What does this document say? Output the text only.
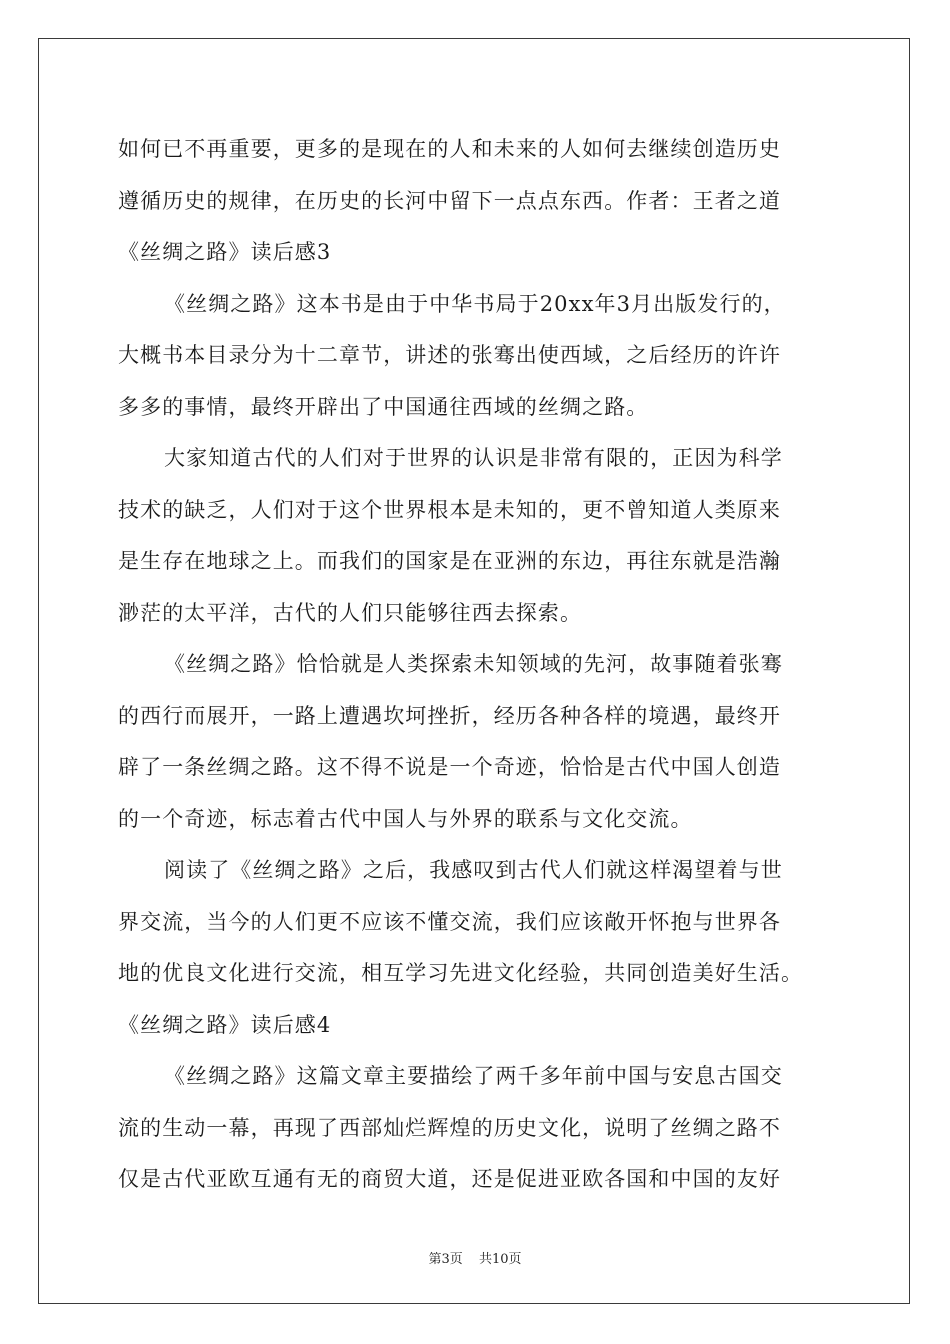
如何已不再重要，更多的是现在的人和未来的人如何去继续创造历史
遵循历史的规律，在历史的长河中留下一点点东西。作者：王者之道
《丝绸之路》读后感3
《丝绸之路》这本书是由于中华书局于20xx年3月出版发行的，
大概书本目录分为十二章节，讲述的张骞出使西域，之后经历的许许
多多的事情，最终开辟出了中国通往西域的丝绸之路。
大家知道古代的人们对于世界的认识是非常有限的，正因为科学
技术的缺乏，人们对于这个世界根本是未知的，更不曾知道人类原来
是生存在地球之上。而我们的国家是在亚洲的东边，再往东就是浩瀚
渺茫的太平洋，古代的人们只能够往西去探索。
《丝绸之路》恰恰就是人类探索未知领域的先河，故事随着张骞
的西行而展开，一路上遭遇坎坷挫折，经历各种各样的境遇，最终开
辟了一条丝绸之路。这不得不说是一个奇迹，恰恰是古代中国人创造
的一个奇迹，标志着古代中国人与外界的联系与文化交流。
阅读了《丝绸之路》之后，我感叹到古代人们就这样渴望着与世
界交流，当今的人们更不应该不懂交流，我们应该敞开怀抱与世界各
地的优良文化进行交流，相互学习先进文化经验，共同创造美好生活。
《丝绸之路》读后感4
《丝绸之路》这篇文章主要描绘了两千多年前中国与安息古国交
流的生动一幕，再现了西部灿烂辉煌的历史文化，说明了丝绸之路不
仅是古代亚欧互通有无的商贸大道，还是促进亚欧各国和中国的友好
第3页 共10页
